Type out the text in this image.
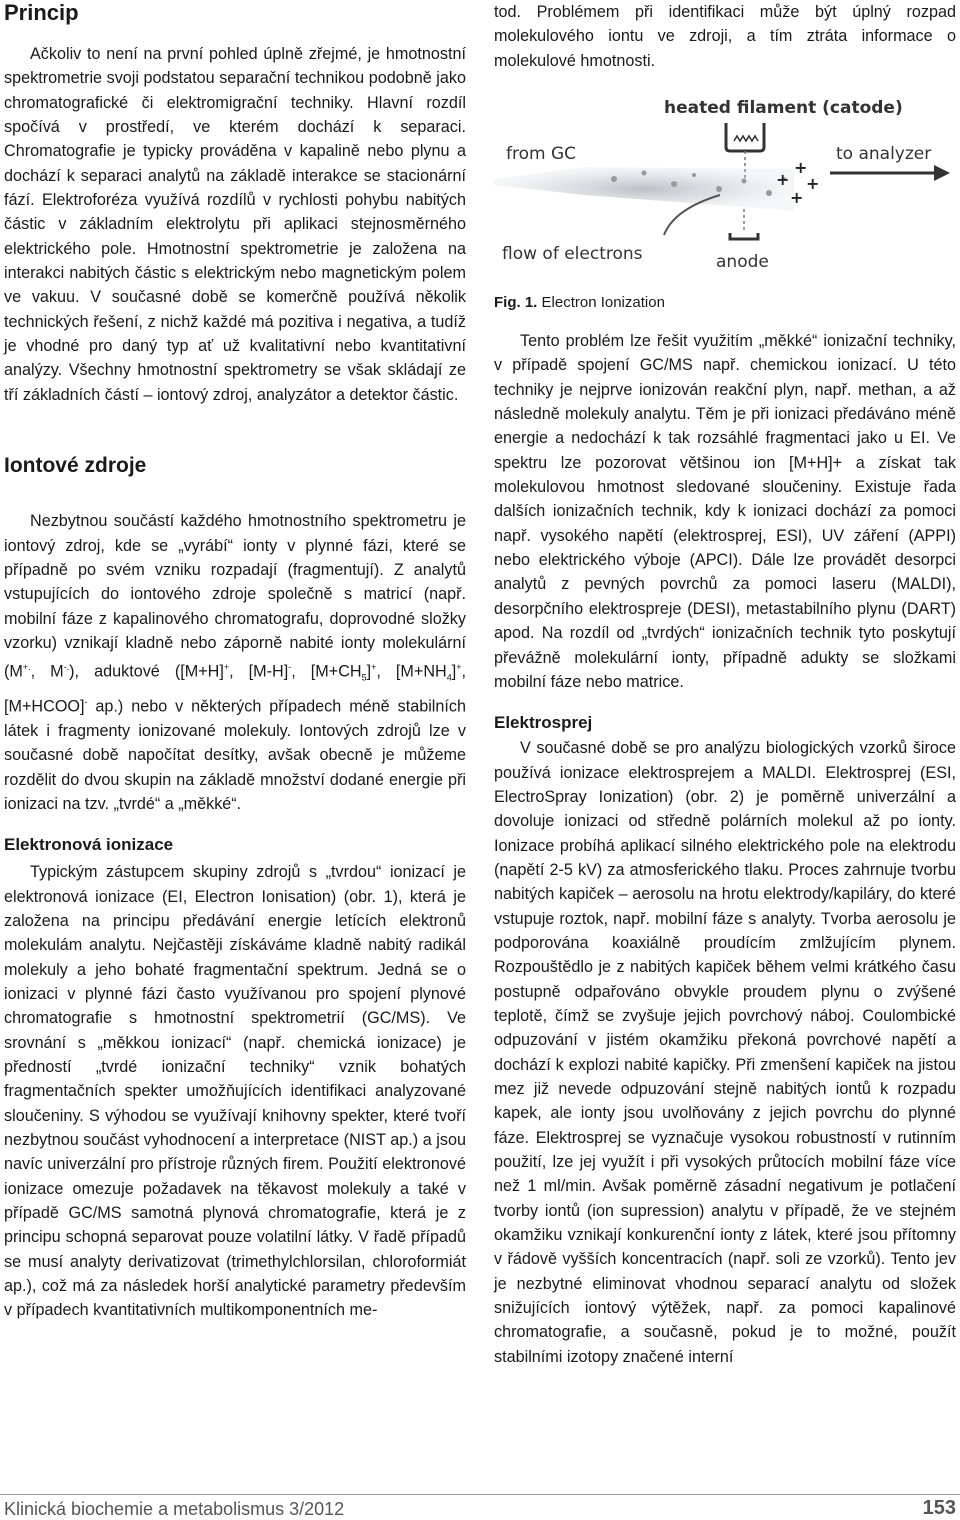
Princip

Ačkoliv to není na první pohled úplně zřejmé, je hmotnostní spektrometrie svoji podstatou separační technikou podobně jako chromatografické či elektromigrační techniky. Hlavní rozdíl spočívá v prostředí, ve kterém dochází k separaci. Chromatografie je typicky prováděna v kapalině nebo plynu a dochází k separaci analytů na základě interakce se stacionární fází. Elektroforéza využívá rozdílů v rychlosti pohybu nabitých částic v základním elektrolytu při aplikaci stejnosměrného elektrického pole. Hmotnostní spektrometrie je založena na interakci nabitých částic s elektrickým nebo magnetickým polem ve vakuu. V současné době se komerčně používá několik technických řešení, z nichž každé má pozitiva i negativa, a tudíž je vhodné pro daný typ ať už kvalitativní nebo kvantitativní analýzy. Všechny hmotnostní spektrometry se však skládají ze tří základních částí – iontový zdroj, analyzátor a detektor částic.

Iontové zdroje

Nezbytnou součástí každého hmotnostního spektrometru je iontový zdroj, kde se „vyrábí“ ionty v plynné fázi, které se případně po svém vzniku rozpadají (fragmentují). Z analytů vstupujících do iontového zdroje společně s matricí (např. mobilní fáze z kapalinového chromatografu, doprovodné složky vzorku) vznikají kladně nebo záporně nabité ionty molekulární (M+., M-.), aduktové ([M+H]+, [M-H]-, $[M+CH_5]^+$, $[M+NH_4]^+$, [M+HCOO]- ap.) nebo v některých případech méně stabilních látek i fragmenty ionizované molekuly. Iontových zdrojů lze v současné době napočítat desítky, avšak obecně je můžeme rozdělit do dvou skupin na základě množství dodané energie při ionizaci na tzv. „tvrdé“ a „měkké“.

Elektronová ionizace

Typickým zástupcem skupiny zdrojů s „tvrdou“ ionizací je elektronová ionizace (EI, Electron Ionisation) (obr. 1), která je založena na principu předávání energie letících elektronů molekulám analytu. Nejčastěji získáváme kladně nabitý radikál molekuly a jeho bohaté fragmentační spektrum. Jedná se o ionizaci v plynné fázi často využívanou pro spojení plynové chromatografie s hmotnostní spektrometrií (GC/MS). Ve srovnání s „měkkou ionizací“ (např. chemická ionizace) je předností „tvrdé ionizační techniky“ vznik bohatých fragmentačních spekter umožňujících identifikaci analyzované sloučeniny. S výhodou se využívají knihovny spekter, které tvoří nezbytnou součást vyhodnocení a interpretace (NIST ap.) a jsou navíc univerzální pro přístroje různých firem. Použití elektronové ionizace omezuje požadavek na těkavost molekuly a také v případě GC/MS samotná plynová chromatografie, která je z principu schopná separovat pouze volatilní látky. V řadě případů se musí analyty derivatizovat (trimethylchlorsilan, chloroformiát ap.), což má za následek horší analytické parametry především v případech kvantitativních multikomponentních me-

tod. Problémem při identifikaci může být úplný rozpad molekulového iontu ve zdroji, a tím ztráta informace o molekulové hmotnosti.

heated filament (catode)
from GC
+
+
+
+
to analyzer
anode
flow of electrons
Fig. 1. Electron Ionization

Tento problém lze řešit využitím „měkké“ ionizační techniky, v případě spojení GC/MS např. chemickou ionizací. U této techniky je nejprve ionizován reakční plyn, např. methan, a až následně molekuly analytu. Těm je při ionizaci předáváno méně energie a nedochází k tak rozsáhlé fragmentaci jako u EI. Ve spektru lze pozorovat většinou ion [M+H]+ a získat tak molekulovou hmotnost sledované sloučeniny. Existuje řada dalších ionizačních technik, kdy k ionizaci dochází za pomoci např. vysokého napětí (elektrosprej, ESI), UV záření (APPI) nebo elektrického výboje (APCI). Dále lze provádět desorpci analytů z pevných povrchů za pomoci laseru (MALDI), desorpčního elektrospreje (DESI), metastabilního plynu (DART) apod. Na rozdíl od „tvrdých“ ionizačních technik tyto poskytují převážně molekulární ionty, případně adukty se složkami mobilní fáze nebo matrice.

Elektrosprej

V současné době se pro analýzu biologických vzorků široce používá ionizace elektrosprejem a MALDI. Elektrosprej (ESI, ElectroSpray Ionization) (obr. 2) je poměrně univerzální a dovoluje ionizaci od středně polárních molekul až po ionty. Ionizace probíhá aplikací silného elektrického pole na elektrodu (napětí 2-5 kV) za atmosferického tlaku. Proces zahrnuje tvorbu nabitých kapiček – aerosolu na hrotu elektrody/kapiláry, do které vstupuje roztok, např. mobilní fáze s analyty. Tvorba aerosolu je podporována koaxiálně proudícím zmlžujícím plynem. Rozpouštědlo je z nabitých kapiček během velmi krátkého času postupně odpařováno obvykle proudem plynu o zvýšené teplotě, čímž se zvyšuje jejich povrchový náboj. Coulombické odpuzování v jistém okamžiku překoná povrchové napětí a dochází k explozi nabité kapičky. Při zmenšení kapiček na jistou mez již nevede odpuzování stejně nabitých iontů k rozpadu kapek, ale ionty jsou uvolňovány z jejich povrchu do plynné fáze. Elektrosprej se vyznačuje vysokou robustností v rutinním použití, lze jej využít i při vysokých průtocích mobilní fáze více než 1 ml/min. Avšak poměrně zásadní negativum je potlačení tvorby iontů (ion supression) analytu v případě, že ve stejném okamžiku vznikají konkurenční ionty z látek, které jsou přítomny v řádově vyšších koncentracích (např. soli ze vzorků). Tento jev je nezbytné eliminovat vhodnou separací analytu od složek snižujících iontový výtěžek, např. za pomoci kapalinové chromatografie, a současně, pokud je to možné, použít stabilními izotopy značené interní

Klinická biochemie a metabolismus 3/2012	153
